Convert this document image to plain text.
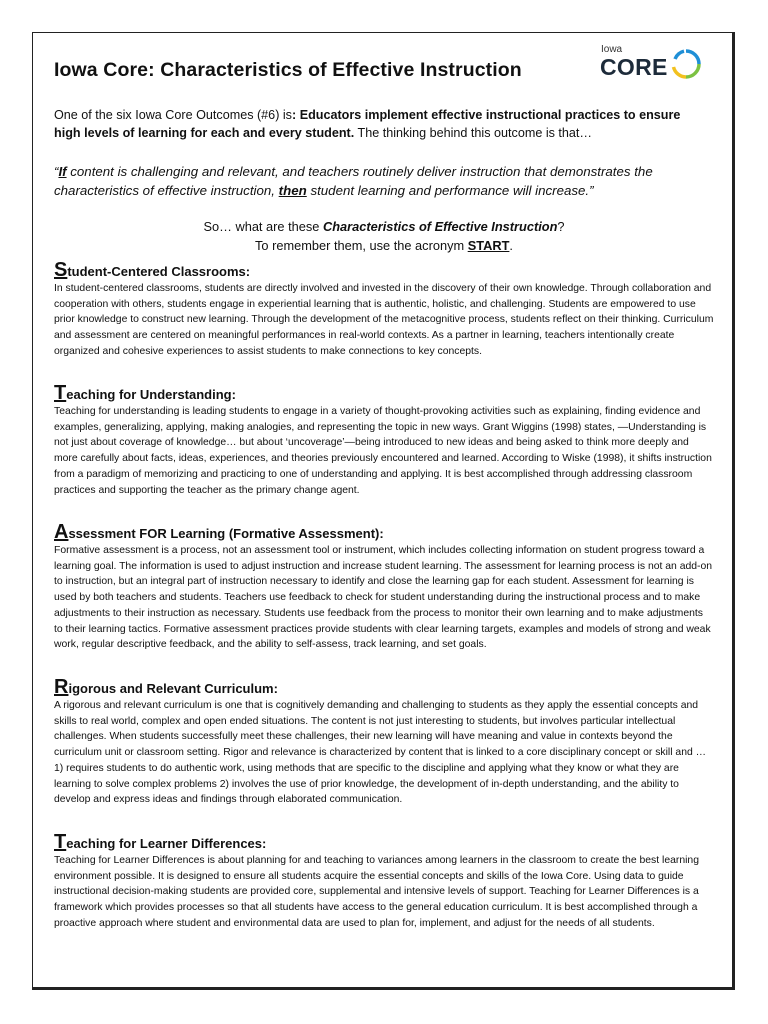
Iowa Core: Characteristics of Effective Instruction
Iowa
CORE

One of the six Iowa Core Outcomes (#6) is: Educators implement effective instructional practices to ensure high levels of learning for each and every student. The thinking behind this outcome is that…

“If content is challenging and relevant, and teachers routinely deliver instruction that demonstrates the characteristics of effective instruction, then student learning and performance will increase.”

So… what are these Characteristics of Effective Instruction?
To remember them, use the acronym START.

Student-Centered Classrooms:

In student-centered classrooms, students are directly involved and invested in the discovery of their own knowledge. Through collaboration and cooperation with others, students engage in experiential learning that is authentic, holistic, and challenging. Students are empowered to use prior knowledge to construct new learning. Through the development of the metacognitive process, students reflect on their thinking. Curriculum and assessment are centered on meaningful performances in real-world contexts. As a partner in learning, teachers intentionally create organized and cohesive experiences to assist students to make connections to key concepts.

Teaching for Understanding:

Teaching for understanding is leading students to engage in a variety of thought-provoking activities such as explaining, finding evidence and examples, generalizing, applying, making analogies, and representing the topic in new ways. Grant Wiggins (1998) states, ―Understanding is not just about coverage of knowledge… but about ‘uncoverage’—being introduced to new ideas and being asked to think more deeply and more carefully about facts, ideas, experiences, and theories previously encountered and learned. According to Wiske (1998), it shifts instruction from a paradigm of memorizing and practicing to one of understanding and applying. It is best accomplished through addressing classroom practices and supporting the teacher as the primary change agent.

Assessment FOR Learning (Formative Assessment):

Formative assessment is a process, not an assessment tool or instrument, which includes collecting information on student progress toward a learning goal. The information is used to adjust instruction and increase student learning. The assessment for learning process is not an add-on to instruction, but an integral part of instruction necessary to identify and close the learning gap for each student. Assessment for learning is used by both teachers and students. Teachers use feedback to check for student understanding during the instructional process and to make adjustments to their instruction as necessary. Students use feedback from the process to monitor their own learning and to make adjustments to their learning tactics. Formative assessment practices provide students with clear learning targets, examples and models of strong and weak work, regular descriptive feedback, and the ability to self-assess, track learning, and set goals.

Rigorous and Relevant Curriculum:

A rigorous and relevant curriculum is one that is cognitively demanding and challenging to students as they apply the essential concepts and skills to real world, complex and open ended situations. The content is not just interesting to students, but involves particular intellectual challenges. When students successfully meet these challenges, their new learning will have meaning and value in contexts beyond the curriculum unit or classroom setting. Rigor and relevance is characterized by content that is linked to a core disciplinary concept or skill and … 1) requires students to do authentic work, using methods that are specific to the discipline and applying what they know or what they are learning to solve complex problems 2) involves the use of prior knowledge, the development of in-depth understanding, and the ability to develop and express ideas and findings through elaborated communication.

Teaching for Learner Differences:

Teaching for Learner Differences is about planning for and teaching to variances among learners in the classroom to create the best learning environment possible. It is designed to ensure all students acquire the essential concepts and skills of the Iowa Core. Using data to guide instructional decision-making students are provided core, supplemental and intensive levels of support. Teaching for Learner Differences is a framework which provides processes so that all students have access to the general education curriculum. It is best accomplished through a proactive approach where student and environmental data are used to plan for, implement, and adjust for the needs of all students.
